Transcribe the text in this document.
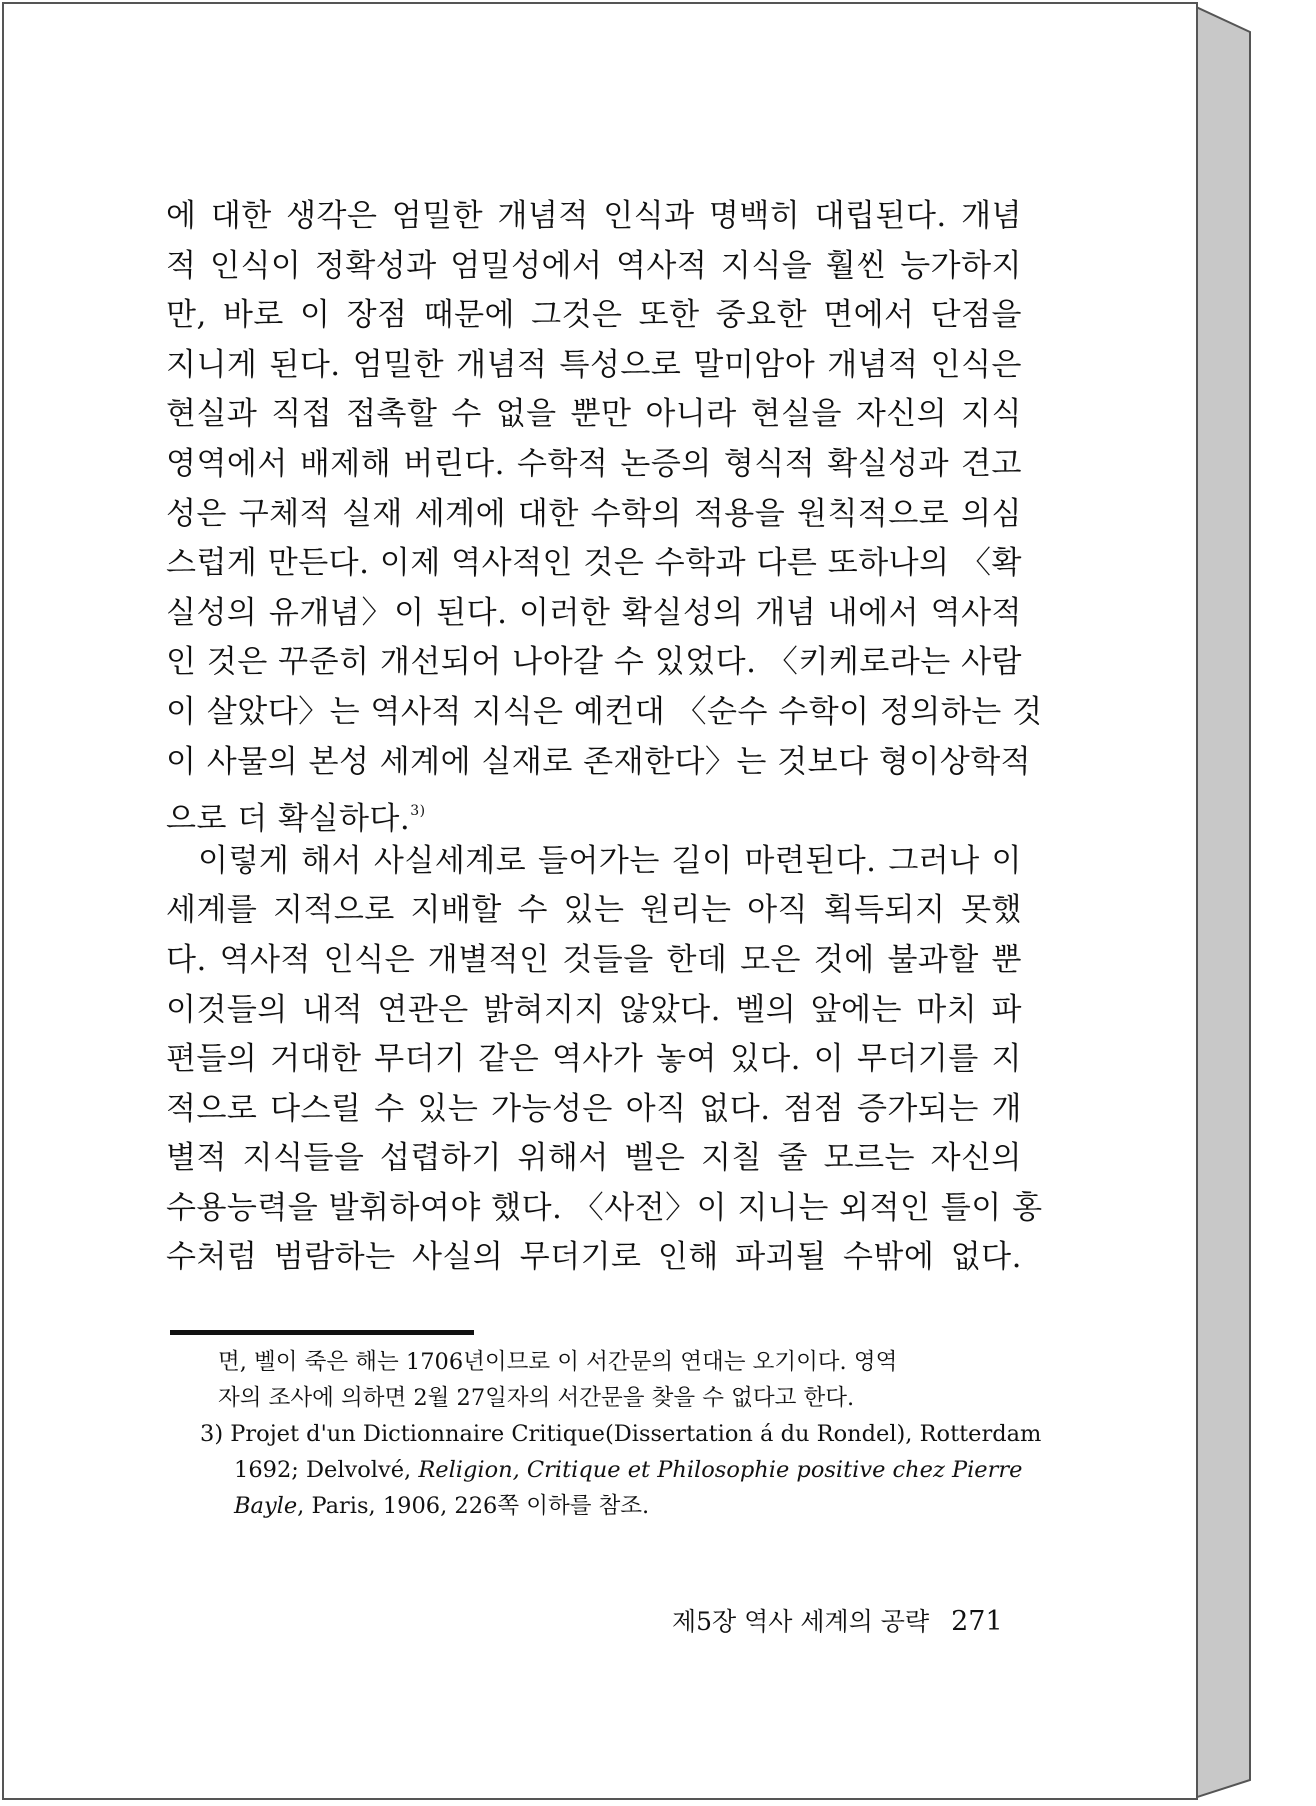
에 대한 생각은 엄밀한 개념적 인식과 명백히 대립된다. 개념
적 인식이 정확성과 엄밀성에서 역사적 지식을 훨씬 능가하지
만, 바로 이 장점 때문에 그것은 또한 중요한 면에서 단점을
지니게 된다. 엄밀한 개념적 특성으로 말미암아 개념적 인식은
현실과 직접 접촉할 수 없을 뿐만 아니라 현실을 자신의 지식
영역에서 배제해 버린다. 수학적 논증의 형식적 확실성과 견고
성은 구체적 실재 세계에 대한 수학의 적용을 원칙적으로 의심
스럽게 만든다. 이제 역사적인 것은 수학과 다른 또하나의 〈확
실성의 유개념〉이 된다. 이러한 확실성의 개념 내에서 역사적
인 것은 꾸준히 개선되어 나아갈 수 있었다. 〈키케로라는 사람
이 살았다〉는 역사적 지식은 예컨대 〈순수 수학이 정의하는 것
이 사물의 본성 세계에 실재로 존재한다〉는 것보다 형이상학적
으로 더 확실하다.$^{3)}$
이렇게 해서 사실세계로 들어가는 길이 마련된다. 그러나 이
세계를 지적으로 지배할 수 있는 원리는 아직 획득되지 못했
다. 역사적 인식은 개별적인 것들을 한데 모은 것에 불과할 뿐
이것들의 내적 연관은 밝혀지지 않았다. 벨의 앞에는 마치 파
편들의 거대한 무더기 같은 역사가 놓여 있다. 이 무더기를 지
적으로 다스릴 수 있는 가능성은 아직 없다. 점점 증가되는 개
별적 지식들을 섭렵하기 위해서 벨은 지칠 줄 모르는 자신의
수용능력을 발휘하여야 했다. 〈사전〉이 지니는 외적인 틀이 홍
수처럼 범람하는 사실의 무더기로 인해 파괴될 수밖에 없다.
면, 벨이 죽은 해는 1706년이므로 이 서간문의 연대는 오기이다. 영역
자의 조사에 의하면 2월 27일자의 서간문을 찾을 수 없다고 한다.
3) Projet d'un Dictionnaire Critique(Dissertation á du Rondel), Rotterdam
1692; Delvolvé, Religion, Critique et Philosophie positive chez Pierre
Bayle, Paris, 1906, 226쪽 이하를 참조.
제5장 역사 세계의 공략 271
